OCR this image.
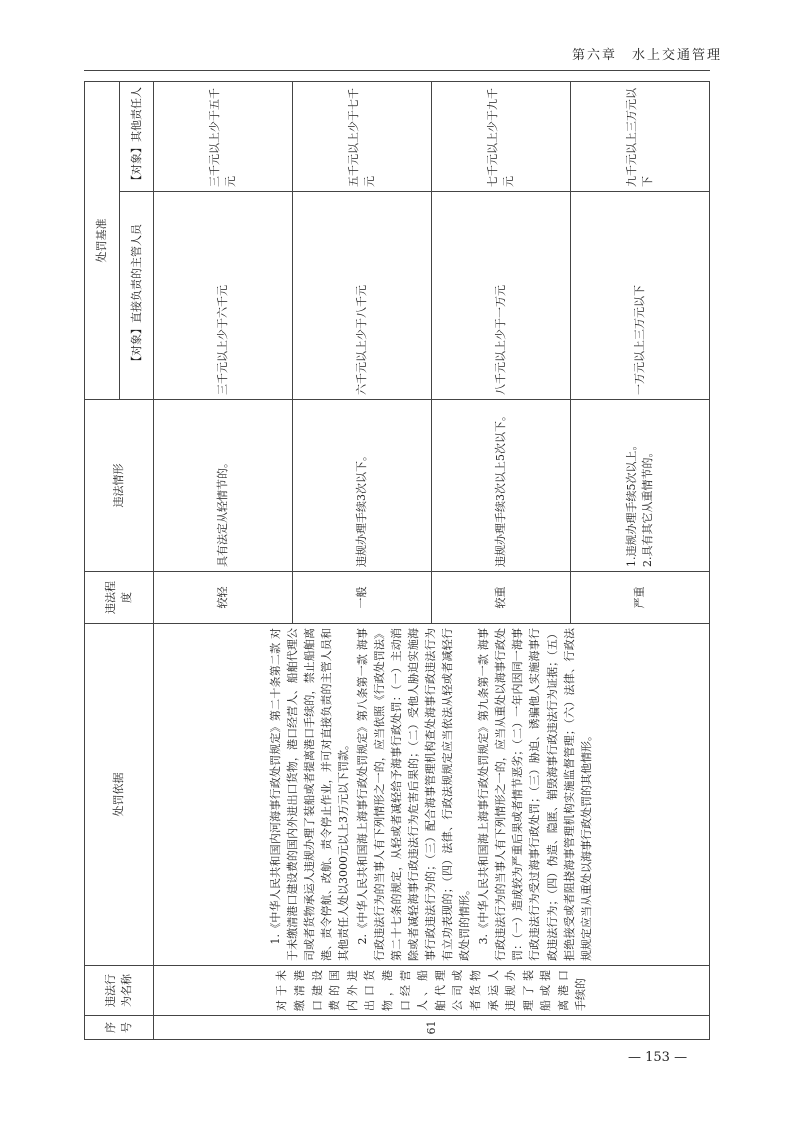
第六章　水上交通管理
序号	违法行为名称	处罚依据	违法程度	违法情形	处罚基准	
					【对象】直接负责的主管人员	【对象】其他责任人
61	对于未缴清港口建设费的国内外进出口货物，港口经营人、船舶代理公司或者货物承运人违规办理了装船或提离港口手续的	1.《中华人民共和国内河海事行政处罚规定》第二十条第二款 对于未缴清港口建设费的国内外进出口货物，港口经营人、船舶代理公司或者货物承运人违规办理了装船或者提离港口手续的，禁止船舶离港、责令停航、改航、责令停止作业，并可对直接负责的主管人员和其他责任人处以3000元以上3万元以下罚款。 2.《中华人民共和国海上海事行政处罚规定》第八条第一款 海事行政违法行为的当事人有下列情形之一的，应当依照《行政处罚法》第二十七条的规定，从轻或者减轻给予海事行政处罚：（一）主动消除或者减轻海事行政违法行为危害后果的；（二）受他人胁迫实施海事行政违法行为的；（三）配合海事管理机构查处海事行政违法行为有立功表现的；（四）法律、行政法规规定应当依法从轻或者减轻行政处罚的情形。 3.《中华人民共和国海上海事行政处罚规定》第九条第一款 海事行政违法行为的当事人有下列情形之一的，应当从重处以海事行政处罚：（一）造成较为严重后果或者情节恶劣；（二）一年内因同一海事行政违法行为受过海事行政处罚；（三）胁迫、诱骗他人实施海事行政违法行为；（四）伪造、隐匿、销毁海事行政违法行为证据；（五）拒绝接受或者阻挠海事管理机构实施监督管理；（六）法律、行政法规规定应当从重处以海事行政处罚的其他情形。	较轻	具有法定从轻情节的。	三千元以上少于六千元	三千元以上少于五千元
			一般	违规办理手续3次以下。	六千元以上少于八千元	五千元以上少于七千元
			较重	违规办理手续3次以上5次以下。	八千元以上少于一万元	七千元以上少于九千元
			严重	1.违规办理手续5次以上。
2.具有其它从重情节的。	一万元以上三万元以下	九千元以上三万元以下
— 153 —
